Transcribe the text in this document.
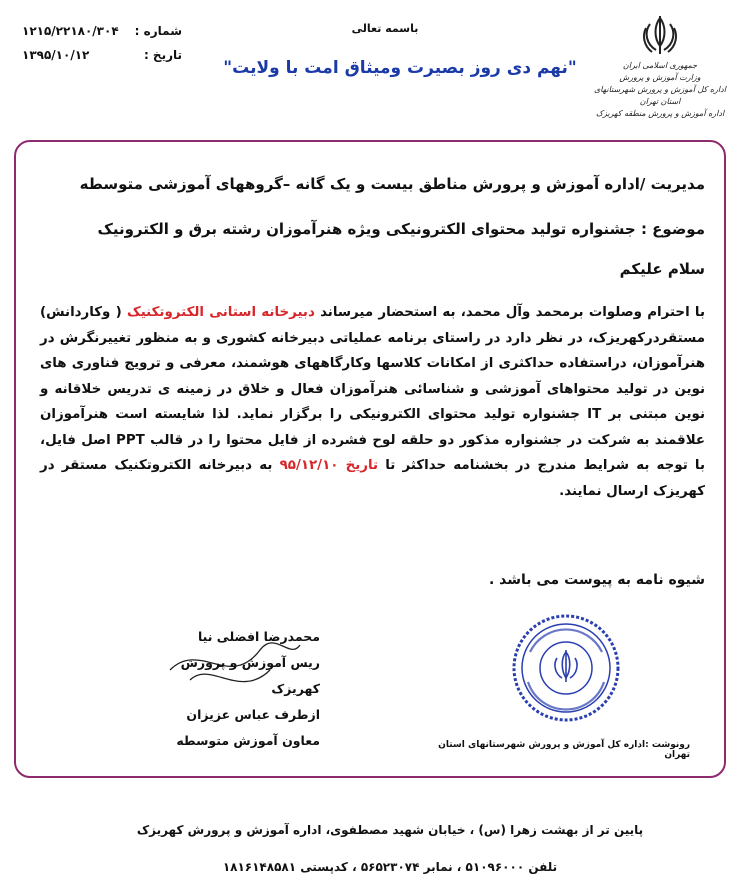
باسمه تعالی
شماره :
۱۲۱۵/۲۲۱۸۰/۳۰۴
تاریخ :
۱۳۹۵/۱۰/۱۲
"نهم دی روز بصیرت ومیثاق امت با ولایت"	جمهوری اسلامی ایران
وزارت آموزش و پرورش
اداره کل آموزش و پرورش شهرستانهای استان تهران
اداره آموزش و پرورش منطقه کهریزک
مدیریت /اداره آموزش و پرورش مناطق بیست و یک گانه –گروههای آموزشی متوسطه
موضوع : جشنواره تولید محتوای الکترونیکی ویژه هنرآموزان رشته برق و الکترونیک
سلام علیکم
با احترام وصلوات برمحمد وآل محمد، به استحضار میرساند دبیرخانه استانی الکتروتکنیک ( وکاردانش) مستقردرکهریزک، در نظر دارد در راستای برنامه عملیاتی دبیرخانه کشوری و به منظور تغییرنگرش در هنرآموزان، دراستفاده حداکثری از امکانات کلاسها وکارگاههای هوشمند، معرفی و ترویج فناوری های نوین در تولید محتواهای آموزشی و شناسائی هنرآموزان فعال و خلاق در زمینه ی تدریس خلاقانه و نوین مبتنی بر IT جشنواره تولید محتوای الکترونیکی را برگزار نماید. لذا شایسته است هنرآموزان علاقمند به شرکت در جشنواره مذکور دو حلقه لوح فشرده از فایل محتوا را در قالب PPT اصل فایل، با توجه به شرایط مندرج در بخشنامه حداکثر تا تاریخ ۹۵/۱۲/۱۰ به دبیرخانه الکتروتکنیک مستقر در کهریزک ارسال نمایند.
شیوه نامه به پیوست می باشد .
محمدرضا افضلی نیا
ریس آموزش و پرورش کهریزک
ازطرف عباس عزیزان
معاون آموزش متوسطه	رونوشت :اداره کل آموزش و پرورش شهرستانهای استان تهران
پایین تر از بهشت زهرا (س) ، خیابان شهید مصطفوی، اداره آموزش و پرورش کهریزک
تلفن ۵۱۰۹۶۰۰۰ ، نمابر ۵۶۵۲۳۰۷۴ ، کدپستی ۱۸۱۶۱۴۸۵۸۱
